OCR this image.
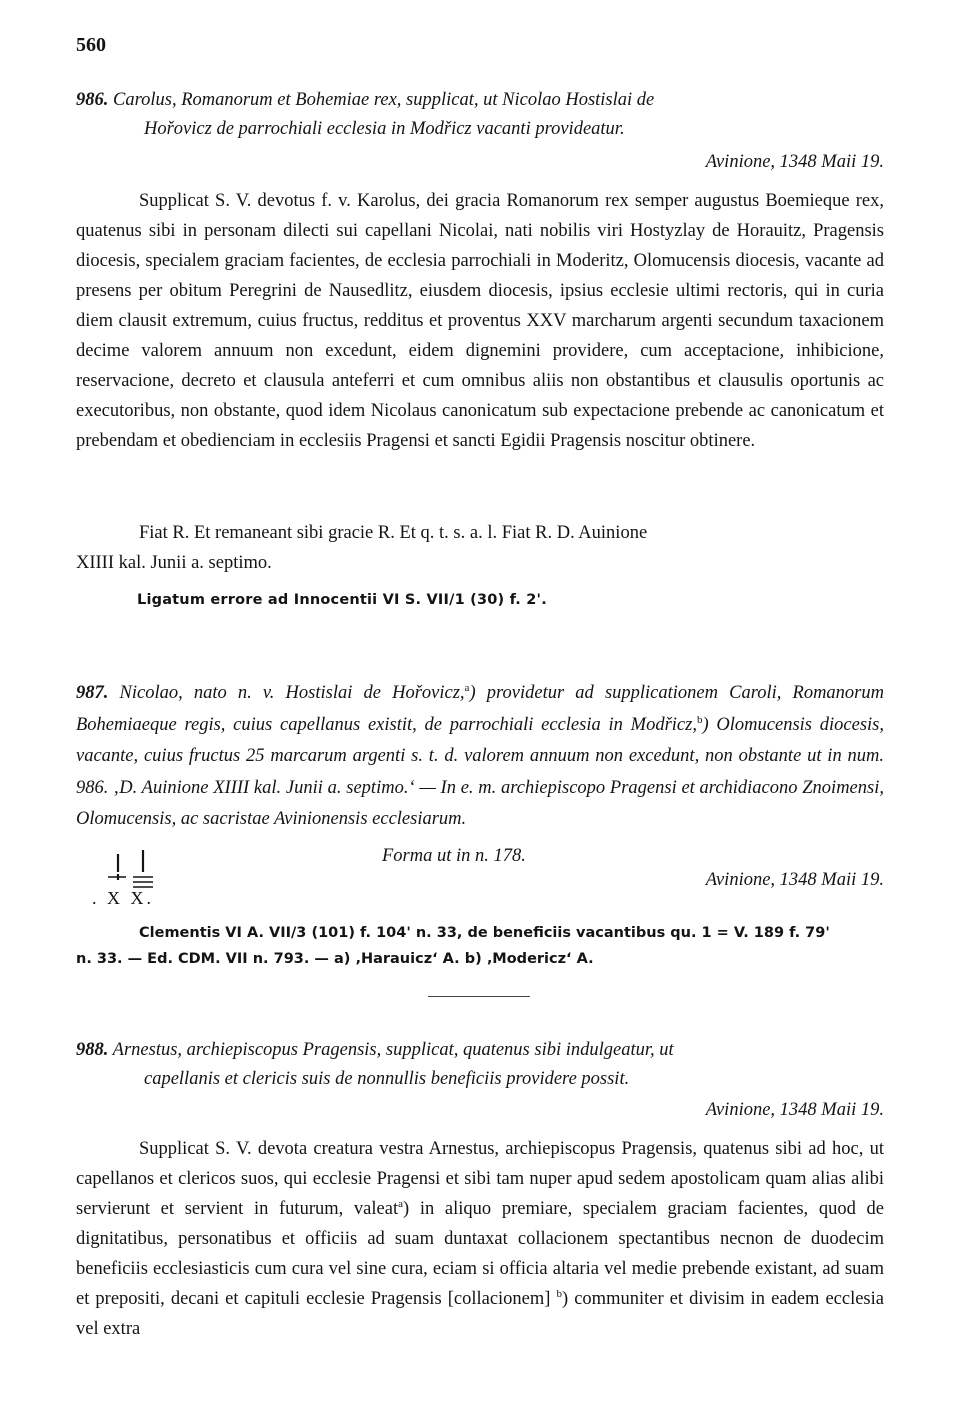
560
986. Carolus, Romanorum et Bohemiae rex, supplicat, ut Nicolao Hostislai de
Hořovicz de parrochiali ecclesia in Modřicz vacanti provideatur.
Avinione, 1348 Maii 19.

Supplicat S. V. devotus f. v. Karolus, dei gracia Romanorum rex semper augustus Boemieque rex, quatenus sibi in personam dilecti sui capellani Nicolai, nati nobilis viri Hostyzlay de Horauitz, Pragensis diocesis, specialem graciam facientes, de ecclesia parrochiali in Moderitz, Olomucensis diocesis, vacante ad presens per obitum Peregrini de Nausedlitz, eiusdem diocesis, ipsius ecclesie ultimi rectoris, qui in curia diem clausit extremum, cuius fructus, redditus et proventus XXV marcharum argenti secundum taxacionem decime valorem annuum non excedunt, eidem dignemini providere, cum acceptacione, inhibicione, reservacione, decreto et clausula anteferri et cum omnibus aliis non obstantibus et clausulis oportunis ac executoribus, non obstante, quod idem Nicolaus canonicatum sub expectacione prebende ac canonicatum et prebendam et obedienciam in ecclesiis Pragensi et sancti Egidii Pragensis noscitur obtinere.

Fiat R. Et remaneant sibi gracie R. Et q. t. s. a. l. Fiat R. D. Auinione

XIIII kal. Junii a. septimo.
Ligatum errore ad Innocentii VI S. VII/1 (30) f. 2'.
987. Nicolao, nato n. v. Hostislai de Hořovicz,$^a$) providetur ad supplicationem Caroli, Romanorum Bohemiaeque regis, cuius capellanus existit, de parrochiali ecclesia in Modřicz,$^b$) Olomucensis diocesis, vacante, cuius fructus 25 marcarum argenti s. t. d. valorem annuum non excedunt, non obstante ut in num. 986. ‚D. Auinione XIIII kal. Junii a. septimo.‘ — In e. m. archiepiscopo Pragensi et archidiacono Znoimensi, Olomucensis, ac sacristae Avinionensis ecclesiarum.
Forma ut in n. 178.
Avinione, 1348 Maii 19.
. X X.

Clementis VI A. VII/3 (101) f. 104' n. 33, de beneficiis vacantibus qu. 1 = V. 189 f. 79'

n. 33. — Ed. CDM. VII n. 793. — a) ‚Harauicz‘ A. b) ‚Modericz‘ A.
988. Arnestus, archiepiscopus Pragensis, supplicat, quatenus sibi indulgeatur, ut
capellanis et clericis suis de nonnullis beneficiis providere possit.
Avinione, 1348 Maii 19.

Supplicat S. V. devota creatura vestra Arnestus, archiepiscopus Pragensis, quatenus sibi ad hoc, ut capellanos et clericos suos, qui ecclesie Pragensi et sibi tam nuper apud sedem apostolicam quam alias alibi servierunt et servient in futurum, valeat$^a$) in aliquo premiare, specialem graciam facientes, quod de dignitatibus, personatibus et officiis ad suam duntaxat collacionem spectantibus necnon de duodecim beneficiis ecclesiasticis cum cura vel sine cura, eciam si officia altaria vel medie prebende existant, ad suam et prepositi, decani et capituli ecclesie Pragensis [collacionem] $^b$) communiter et divisim in eadem ecclesia vel extra
